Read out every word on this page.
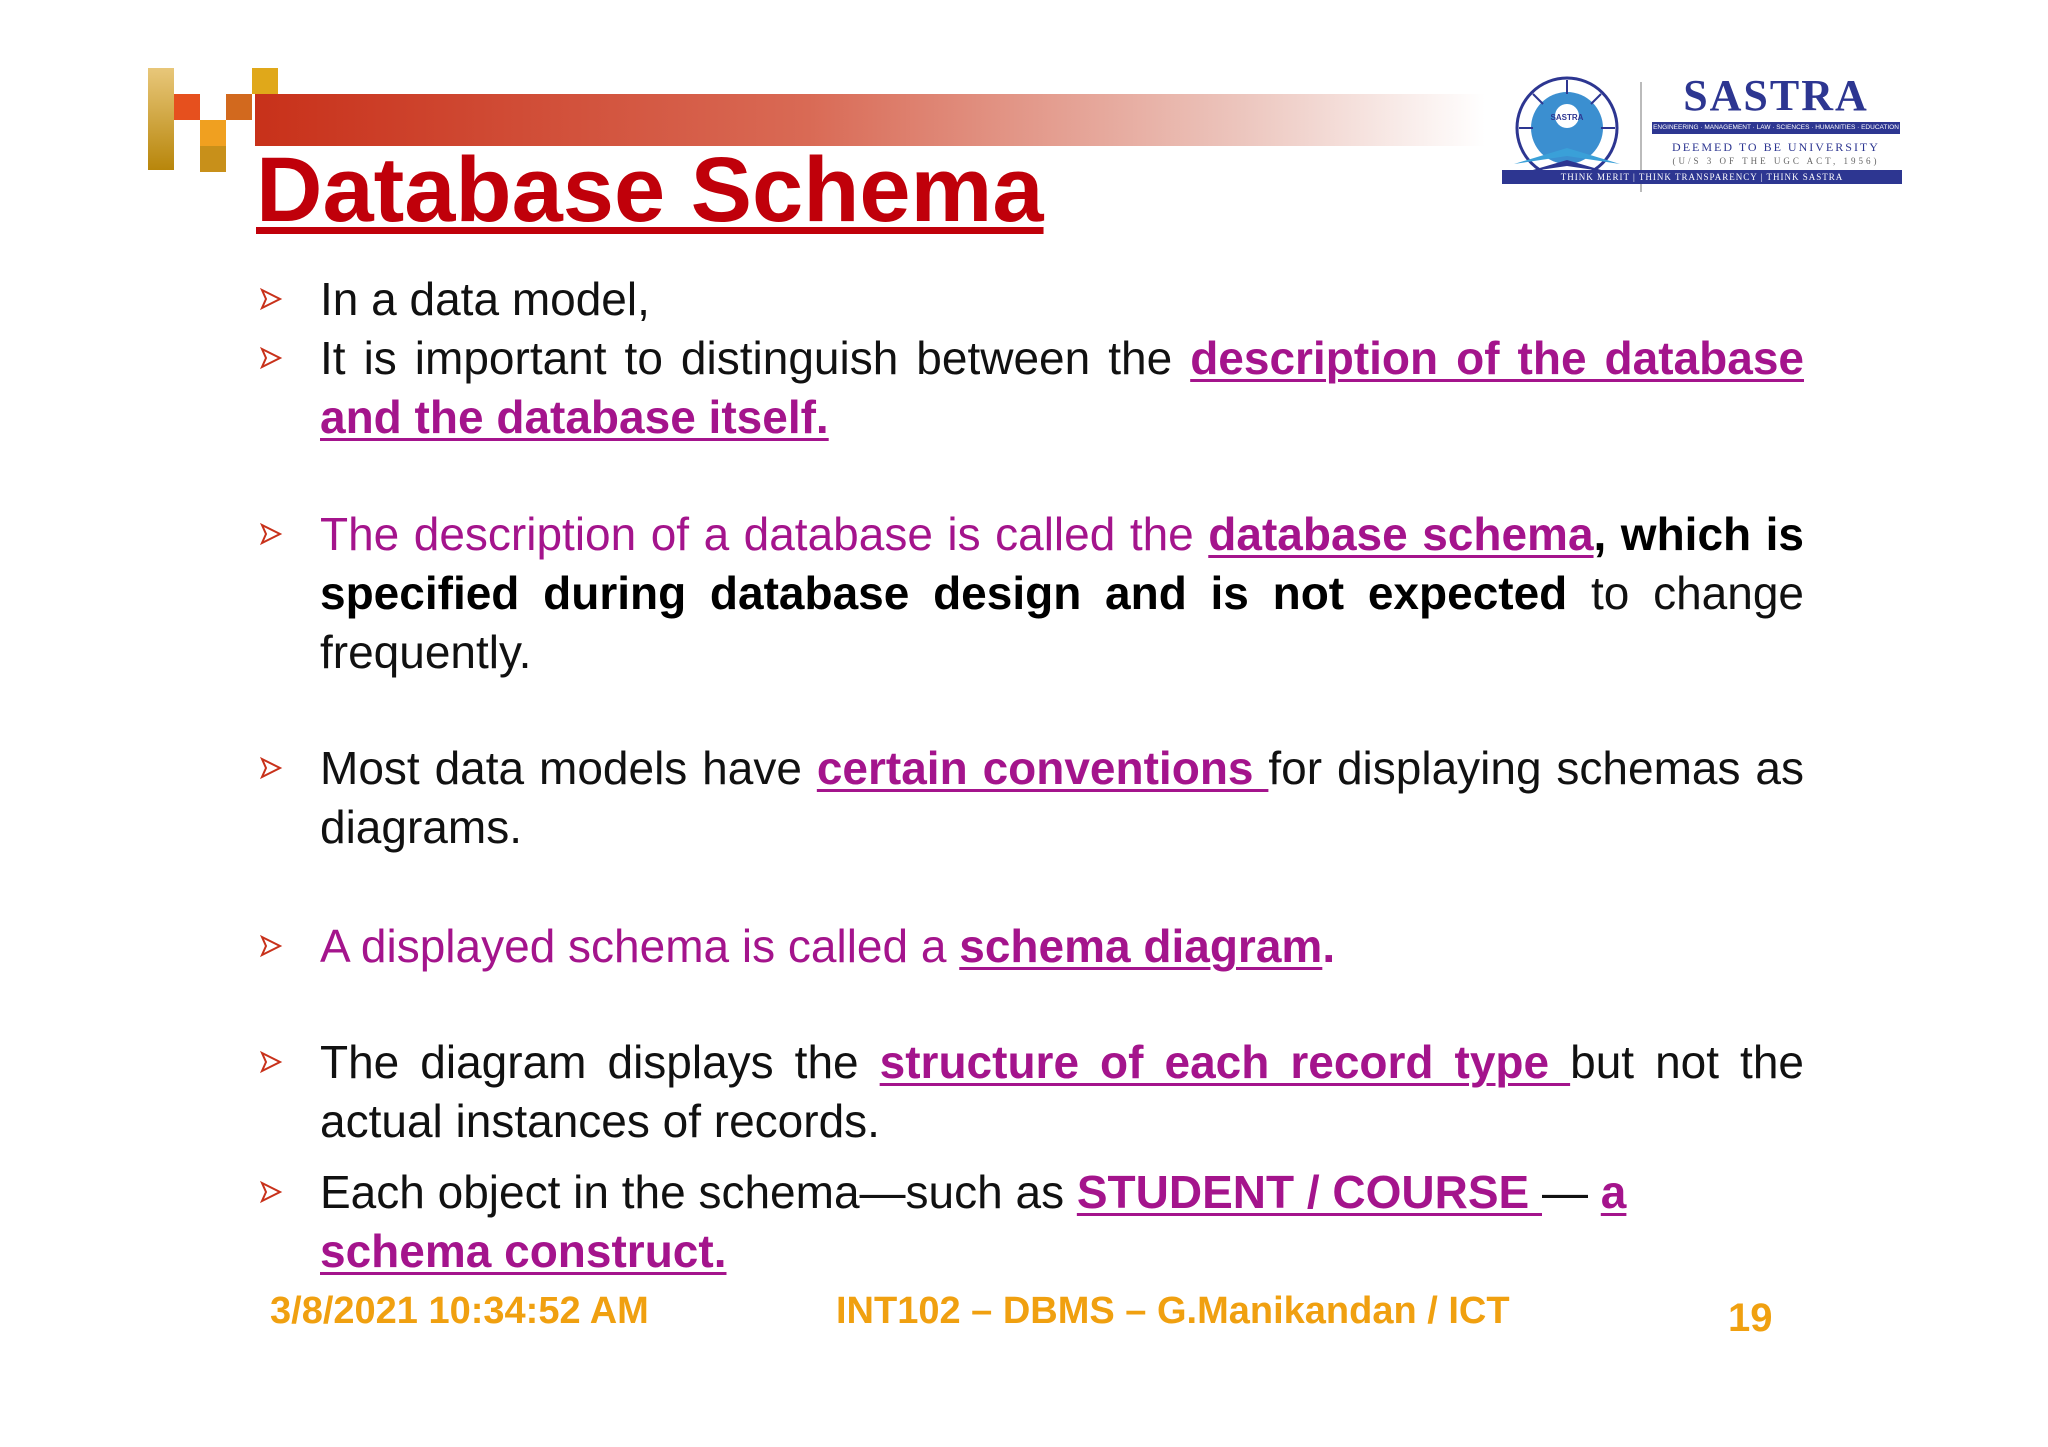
Database Schema
SASTRA	SASTRA
ENGINEERING · MANAGEMENT · LAW · SCIENCES · HUMANITIES · EDUCATION
DEEMED TO BE UNIVERSITY
(U/S 3 OF THE UGC ACT, 1956)
THINK MERIT | THINK TRANSPARENCY | THINK SASTRA

In a data model,

It is important to distinguish between the description of the database and the database itself.

The description of a database is called the database schema, which is specified during database design and is not expected to change frequently.

Most data models have certain conventions for displaying schemas as diagrams.

A displayed schema is called a schema diagram.

The diagram displays the structure of each record type but not the actual instances of records.

Each object in the schema—such as STUDENT / COURSE — a schema construct.

3/8/2021 10:34:52 AM	INT102 – DBMS – G.Manikandan / ICT	19
